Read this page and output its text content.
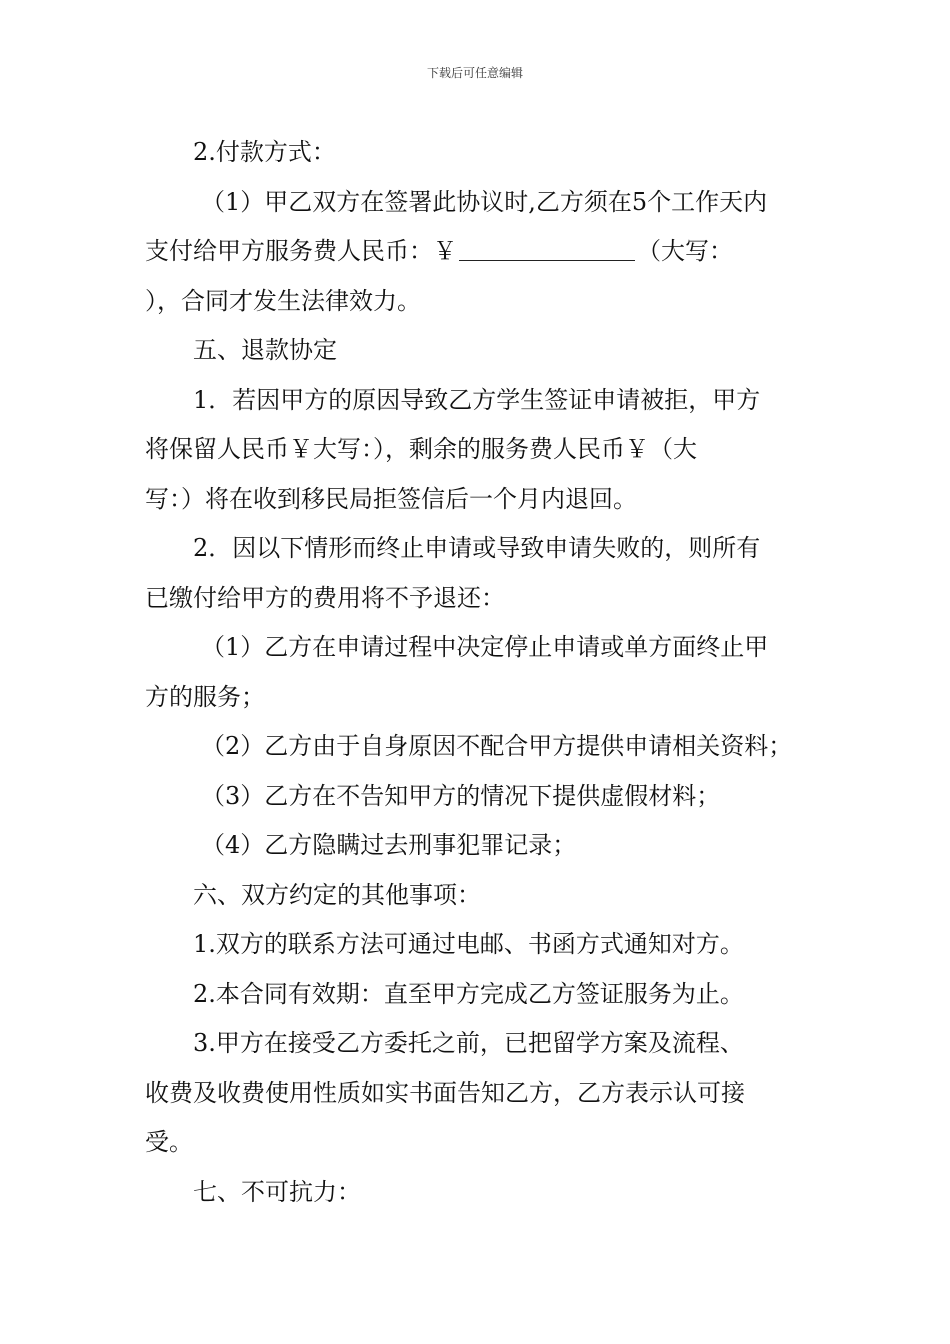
下载后可任意编辑

2.付款方式：

（1）甲乙双方在签署此协议时,乙方须在5个工作天内

支付给甲方服务费人民币：￥	（大写：

），合同才发生法律效力。

五、退款协定

1．若因甲方的原因导致乙方学生签证申请被拒，甲方

将保留人民币￥大写：），剩余的服务费人民币￥（大

写：）将在收到移民局拒签信后一个月内退回。

2．因以下情形而终止申请或导致申请失败的，则所有

已缴付给甲方的费用将不予退还：

（1）乙方在申请过程中决定停止申请或单方面终止甲

方的服务；

（2）乙方由于自身原因不配合甲方提供申请相关资料；

（3）乙方在不告知甲方的情况下提供虚假材料；

（4）乙方隐瞒过去刑事犯罪记录；

六、双方约定的其他事项：

1.双方的联系方法可通过电邮、书函方式通知对方。

2.本合同有效期：直至甲方完成乙方签证服务为止。

3.甲方在接受乙方委托之前，已把留学方案及流程、

收费及收费使用性质如实书面告知乙方，乙方表示认可接

受。

七、不可抗力：
